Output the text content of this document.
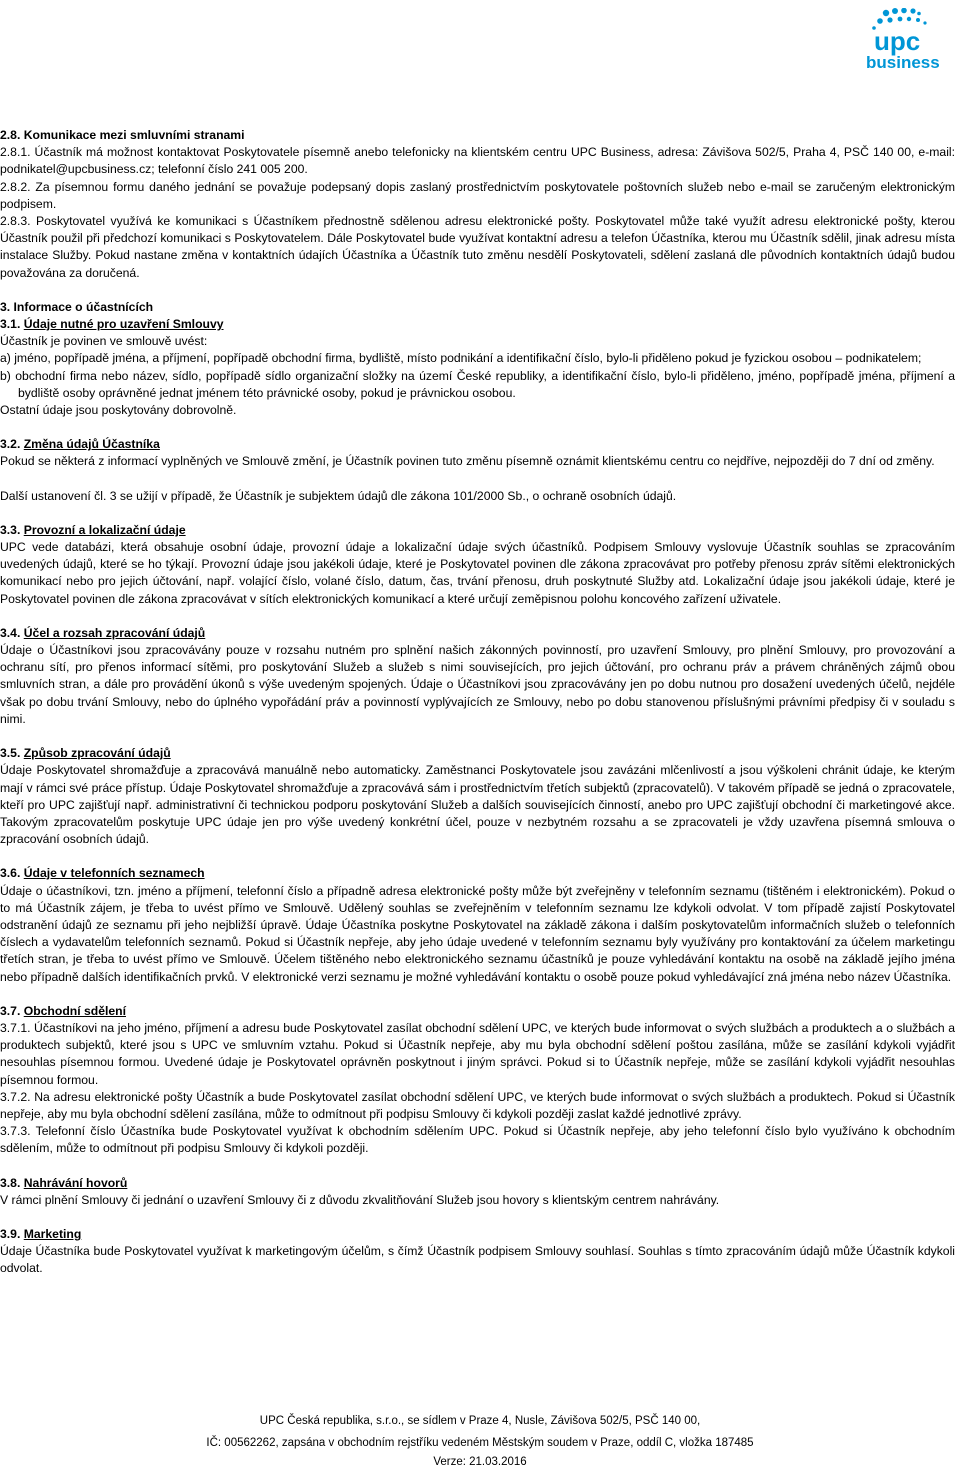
upc
business

2.8. Komunikace mezi smluvními stranami

2.8.1. Účastník má možnost kontaktovat Poskytovatele písemně anebo telefonicky na klientském centru UPC Business, adresa: Závišova 502/5, Praha 4, PSČ 140 00, e-mail: podnikatel@upcbusiness.cz; telefonní číslo 241 005 200.

2.8.2. Za písemnou formu daného jednání se považuje podepsaný dopis zaslaný prostřednictvím poskytovatele poštovních služeb nebo e-mail se zaručeným elektronickým podpisem.

2.8.3. Poskytovatel využívá ke komunikaci s Účastníkem přednostně sdělenou adresu elektronické pošty. Poskytovatel může také využít adresu elektronické pošty, kterou Účastník použil při předchozí komunikaci s Poskytovatelem. Dále Poskytovatel bude využívat kontaktní adresu a telefon Účastníka, kterou mu Účastník sdělil, jinak adresu místa instalace Služby. Pokud nastane změna v kontaktních údajích Účastníka a Účastník tuto změnu nesdělí Poskytovateli, sdělení zaslaná dle původních kontaktních údajů budou považována za doručená.

3. Informace o účastnících

3.1. Údaje nutné pro uzavření Smlouvy

Účastník je povinen ve smlouvě uvést:

a) jméno, popřípadě jména, a příjmení, popřípadě obchodní firma, bydliště, místo podnikání a identifikační číslo, bylo-li přiděleno pokud je fyzickou osobou – podnikatelem;

b) obchodní firma nebo název, sídlo, popřípadě sídlo organizační složky na území České republiky, a identifikační číslo, bylo-li přiděleno, jméno, popřípadě jména, příjmení a bydliště osoby oprávněné jednat jménem této právnické osoby, pokud je právnickou osobou.

Ostatní údaje jsou poskytovány dobrovolně.

3.2. Změna údajů Účastníka

Pokud se některá z informací vyplněných ve Smlouvě změní, je Účastník povinen tuto změnu písemně oznámit klientskému centru co nejdříve, nejpozději do 7 dní od změny.

Další ustanovení čl. 3 se užijí v případě, že Účastník je subjektem údajů dle zákona 101/2000 Sb., o ochraně osobních údajů.

3.3. Provozní a lokalizační údaje

UPC vede databázi, která obsahuje osobní údaje, provozní údaje a lokalizační údaje svých účastníků. Podpisem Smlouvy vyslovuje Účastník souhlas se zpracováním uvedených údajů, které se ho týkají. Provozní údaje jsou jakékoli údaje, které je Poskytovatel povinen dle zákona zpracovávat pro potřeby přenosu zpráv sítěmi elektronických komunikací nebo pro jejich účtování, např. volající číslo, volané číslo, datum, čas, trvání přenosu, druh poskytnuté Služby atd. Lokalizační údaje jsou jakékoli údaje, které je Poskytovatel povinen dle zákona zpracovávat v sítích elektronických komunikací a které určují zeměpisnou polohu koncového zařízení uživatele.

3.4. Účel a rozsah zpracování údajů

Údaje o Účastníkovi jsou zpracovávány pouze v rozsahu nutném pro splnění našich zákonných povinností, pro uzavření Smlouvy, pro plnění Smlouvy, pro provozování a ochranu sítí, pro přenos informací sítěmi, pro poskytování Služeb a služeb s nimi souvisejících, pro jejich účtování, pro ochranu práv a právem chráněných zájmů obou smluvních stran, a dále pro provádění úkonů s výše uvedeným spojených. Údaje o Účastníkovi jsou zpracovávány jen po dobu nutnou pro dosažení uvedených účelů, nejdéle však po dobu trvání Smlouvy, nebo do úplného vypořádání práv a povinností vyplývajících ze Smlouvy, nebo po dobu stanovenou příslušnými právními předpisy či v souladu s nimi.

3.5. Způsob zpracování údajů

Údaje Poskytovatel shromažďuje a zpracovává manuálně nebo automaticky. Zaměstnanci Poskytovatele jsou zavázáni mlčenlivostí a jsou výškoleni chránit údaje, ke kterým mají v rámci své práce přístup. Údaje Poskytovatel shromažďuje a zpracovává sám i prostřednictvím třetích subjektů (zpracovatelů). V takovém případě se jedná o zpracovatele, kteří pro UPC zajišťují např. administrativní či technickou podporu poskytování Služeb a dalších souvisejících činností, anebo pro UPC zajišťují obchodní či marketingové akce. Takovým zpracovatelům poskytuje UPC údaje jen pro výše uvedený konkrétní účel, pouze v nezbytném rozsahu a se zpracovateli je vždy uzavřena písemná smlouva o zpracování osobních údajů.

3.6. Údaje v telefonních seznamech

Údaje o účastníkovi, tzn. jméno a příjmení, telefonní číslo a případně adresa elektronické pošty může být zveřejněny v telefonním seznamu (tištěném i elektronickém). Pokud o to má Účastník zájem, je třeba to uvést přímo ve Smlouvě. Udělený souhlas se zveřejněním v telefonním seznamu lze kdykoli odvolat. V tom případě zajistí Poskytovatel odstranění údajů ze seznamu při jeho nejbližší úpravě. Údaje Účastníka poskytne Poskytovatel na základě zákona i dalším poskytovatelům informačních služeb o telefonních číslech a vydavatelům telefonních seznamů. Pokud si Účastník nepřeje, aby jeho údaje uvedené v telefonním seznamu byly využívány pro kontaktování za účelem marketingu třetích stran, je třeba to uvést přímo ve Smlouvě. Účelem tištěného nebo elektronického seznamu účastníků je pouze vyhledávání kontaktu na osobě na základě jejího jména nebo případně dalších identifikačních prvků. V elektronické verzi seznamu je možné vyhledávání kontaktu o osobě pouze pokud vyhledávající zná jména nebo název Účastníka.

3.7. Obchodní sdělení

3.7.1. Účastníkovi na jeho jméno, příjmení a adresu bude Poskytovatel zasílat obchodní sdělení UPC, ve kterých bude informovat o svých službách a produktech a o službách a produktech subjektů, které jsou s UPC ve smluvním vztahu. Pokud si Účastník nepřeje, aby mu byla obchodní sdělení poštou zasílána, může se zasílání kdykoli vyjádřit nesouhlas písemnou formou. Uvedené údaje je Poskytovatel oprávněn poskytnout i jiným správci. Pokud si to Účastník nepřeje, může se zasílání kdykoli vyjádřit nesouhlas písemnou formou.

3.7.2. Na adresu elektronické pošty Účastník a bude Poskytovatel zasílat obchodní sdělení UPC, ve kterých bude informovat o svých službách a produktech. Pokud si Účastník nepřeje, aby mu byla obchodní sdělení zasílána, může to odmítnout při podpisu Smlouvy či kdykoli později zaslat každé jednotlivé zprávy.

3.7.3. Telefonní číslo Účastníka bude Poskytovatel využívat k obchodním sdělením UPC. Pokud si Účastník nepřeje, aby jeho telefonní číslo bylo využíváno k obchodním sdělením, může to odmítnout při podpisu Smlouvy či kdykoli později.

3.8. Nahrávání hovorů

V rámci plnění Smlouvy či jednání o uzavření Smlouvy či z důvodu zkvalitňování Služeb jsou hovory s klientským centrem nahrávány.

3.9. Marketing

Údaje Účastníka bude Poskytovatel využívat k marketingovým účelům, s čímž Účastník podpisem Smlouvy souhlasí. Souhlas s tímto zpracováním údajů může Účastník kdykoli odvolat.

UPC Česká republika, s.r.o., se sídlem v Praze 4, Nusle, Závišova 502/5, PSČ 140 00,
IČ: 00562262, zapsána v obchodním rejstříku vedeném Městským soudem v Praze, oddíl C, vložka 187485
Verze: 21.03.2016
